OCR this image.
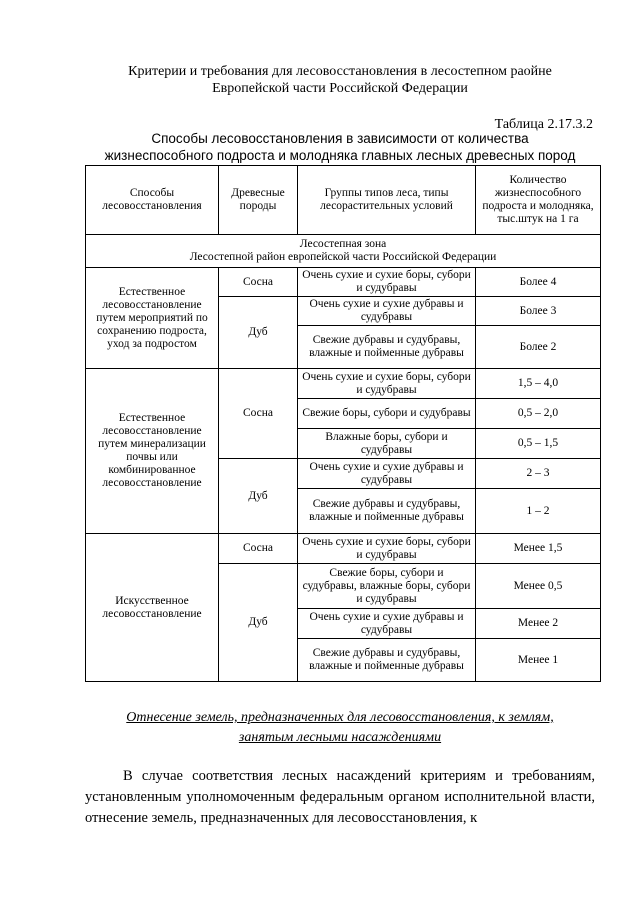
Критерии и требования для лесовосстановления в лесостепном раойне
Европейской части Российской Федерации
Таблица 2.17.3.2
Способы лесовосстановления в зависимости от количества
жизнеспособного подроста и молодняка главных лесных древесных пород
Способы лесовосстановления	Древесные породы	Группы типов леса, типы лесорастительных условий	Количество жизнеспособного подроста и молодняка, тыс.штук на 1 га

Лесостепная зона
Лесостепной район европейской части Российской Федерации			

Естественное лесовосстановление путем мероприятий по сохранению подроста, уход за подростом	Сосна	Очень сухие и сухие боры, субори и судубравы	Более 4
	Дуб	Очень сухие и сухие дубравы и судубравы	Более 3
		Свежие дубравы и судубравы, влажные и пойменные дубравы	Более 2
Естественное лесовосстановление путем минерализации почвы или комбинированное лесовосстановление	Сосна	Очень сухие и сухие боры, субори и судубравы	1,5 – 4,0
		Свежие боры, субори и судубравы	0,5 – 2,0
		Влажные боры, субори и судубравы	0,5 – 1,5
	Дуб	Очень сухие и сухие дубравы и судубравы	2 – 3
		Свежие дубравы и судубравы, влажные и пойменные дубравы	1 – 2
Искусственное лесовосстановление	Сосна	Очень сухие и сухие боры, субори и судубравы	Менее 1,5
	Дуб	Свежие боры, субори и судубравы, влажные боры, субори и судубравы	Менее 0,5
		Очень сухие и сухие дубравы и судубравы	Менее 2
		Свежие дубравы и судубравы, влажные и пойменные дубравы	Менее 1
Отнесение земель, предназначенных для лесовосстановления, к землям,
занятым лесными насаждениями
В случае соответствия лесных насаждений критериям и требованиям, установленным уполномоченным федеральным органом исполнительной власти, отнесение земель, предназначенных для лесовосстановления, к
